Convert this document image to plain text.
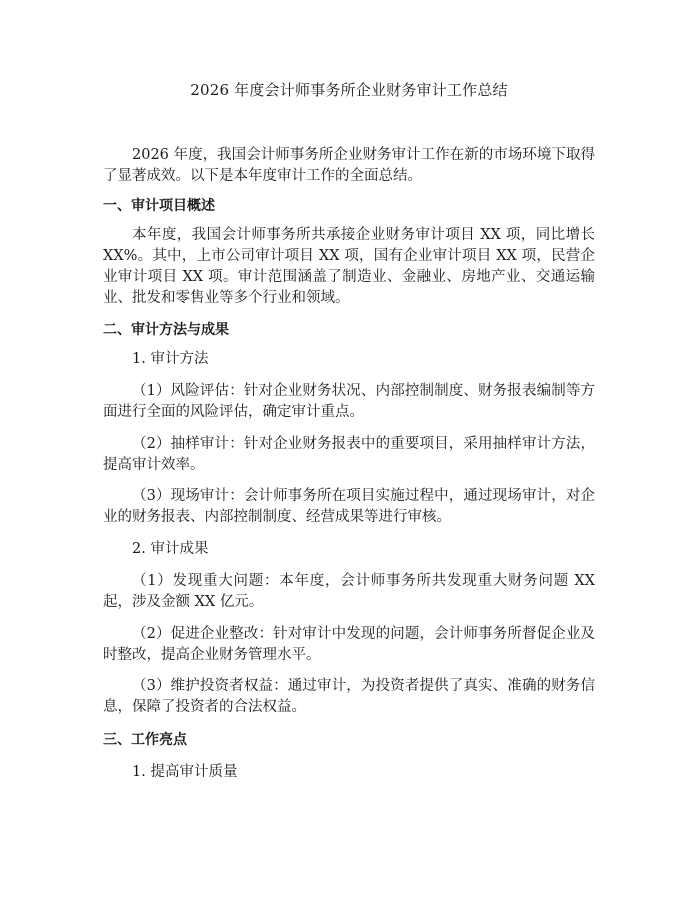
2026 年度会计师事务所企业财务审计工作总结

2026 年度，我国会计师事务所企业财务审计工作在新的市场环境下取得了显著成效。以下是本年度审计工作的全面总结。

一、审计项目概述

本年度，我国会计师事务所共承接企业财务审计项目 XX 项，同比增长 XX%。其中，上市公司审计项目 XX 项，国有企业审计项目 XX 项，民营企业审计项目 XX 项。审计范围涵盖了制造业、金融业、房地产业、交通运输业、批发和零售业等多个行业和领域。

二、审计方法与成果
1. 审计方法

（1）风险评估：针对企业财务状况、内部控制制度、财务报表编制等方面进行全面的风险评估，确定审计重点。

（2）抽样审计：针对企业财务报表中的重要项目，采用抽样审计方法，提高审计效率。

（3）现场审计：会计师事务所在项目实施过程中，通过现场审计，对企业的财务报表、内部控制制度、经营成果等进行审核。

2. 审计成果

（1）发现重大问题：本年度，会计师事务所共发现重大财务问题 XX 起，涉及金额 XX 亿元。

（2）促进企业整改：针对审计中发现的问题，会计师事务所督促企业及时整改，提高企业财务管理水平。

（3）维护投资者权益：通过审计，为投资者提供了真实、准确的财务信息，保障了投资者的合法权益。

三、工作亮点
1. 提高审计质量
